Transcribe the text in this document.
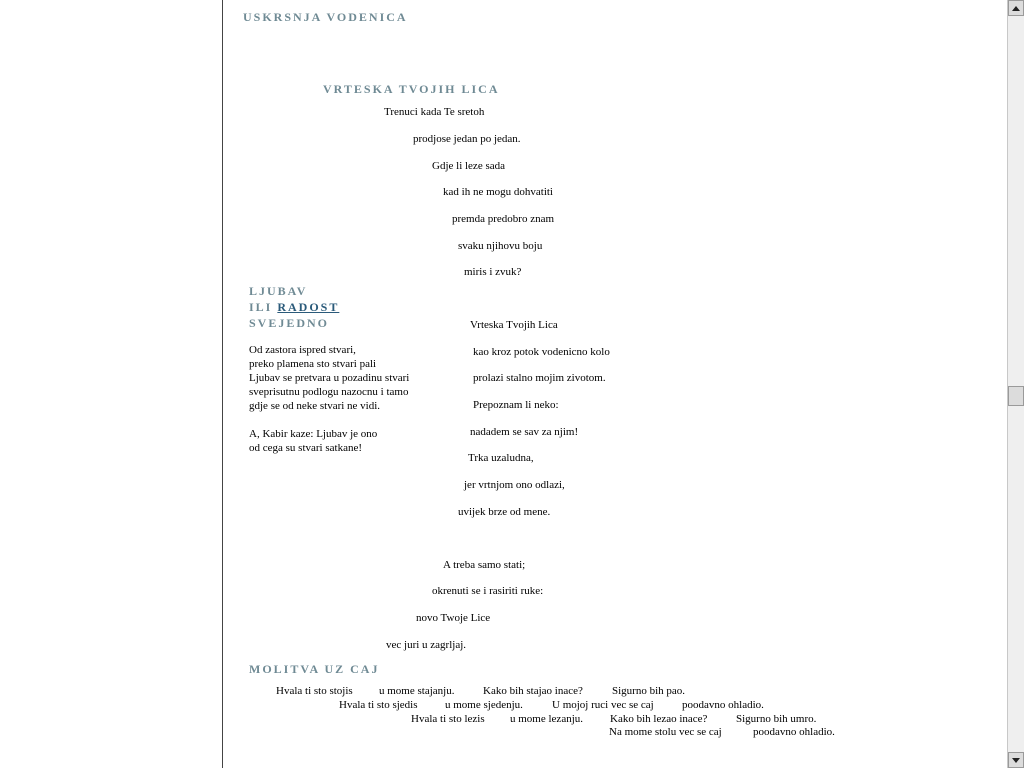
USKRSNJA VODENICA
VRTESKA TVOJIH LICA
Trenuci kada Te sretoh
prodjose jedan po jedan.
Gdje li leze sada
kad ih ne mogu dohvatiti
premda predobro znam
svaku njihovu boju
miris i zvuk?
Vrteska Tvojih Lica
kao kroz potok vodenicno kolo
prolazi stalno mojim zivotom.
Prepoznam li neko:
nadadem se sav za njim!
Trka uzaludna,
jer vrtnjom ono odlazi,
uvijek brze od mene.
A treba samo stati;
okrenuti se i rasiriti ruke:
novo Twoje Lice
vec juri u zagrljaj.
LJUBAV
ILI RADOST
SVEJEDNO
Od zastora ispred stvari,
preko plamena sto stvari pali
Ljubav se pretvara u pozadinu stvari
sveprisutnu podlogu nazocnu i tamo
gdje se od neke stvari ne vidi.
A, Kabir kaze: Ljubav je ono
od cega su stvari satkane!
MOLITVA UZ CAJ
Hvala ti sto stojis u mome stajanju.	Kako bih stajao inace?	Sigurno bih pao.
Hvala ti sto sjedis u mome sjedenju.	U mojoj ruci vec se caj	poodavno ohladio.
Hvala ti sto lezis u mome lezanju. Kako bih lezao inace?	Sigurno bih umro.
Na mome stolu vec se caj	poodavno ohladio.
